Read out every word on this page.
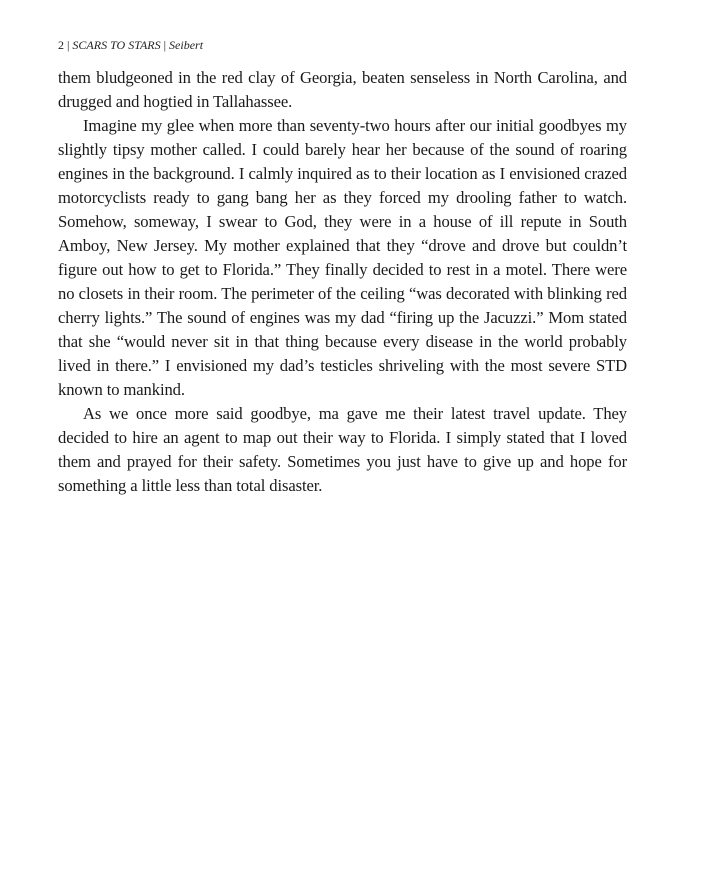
2 | SCARS TO STARS | Seibert

them bludgeoned in the red clay of Georgia, beaten senseless in North Carolina, and drugged and hogtied in Tallahassee.

Imagine my glee when more than seventy-two hours after our initial goodbyes my slightly tipsy mother called. I could barely hear her because of the sound of roaring engines in the background. I calmly inquired as to their location as I envisioned crazed motorcyclists ready to gang bang her as they forced my drooling father to watch. Somehow, someway, I swear to God, they were in a house of ill repute in South Amboy, New Jersey. My mother explained that they “drove and drove but couldn’t figure out how to get to Florida.” They finally decided to rest in a motel. There were no closets in their room. The perimeter of the ceiling “was decorated with blinking red cherry lights.” The sound of engines was my dad “firing up the Jacuzzi.” Mom stated that she “would never sit in that thing because every disease in the world probably lived in there.” I envisioned my dad’s testicles shriveling with the most severe STD known to mankind.

As we once more said goodbye, ma gave me their latest travel update. They decided to hire an agent to map out their way to Florida. I simply stated that I loved them and prayed for their safety. Sometimes you just have to give up and hope for something a little less than total disaster.
